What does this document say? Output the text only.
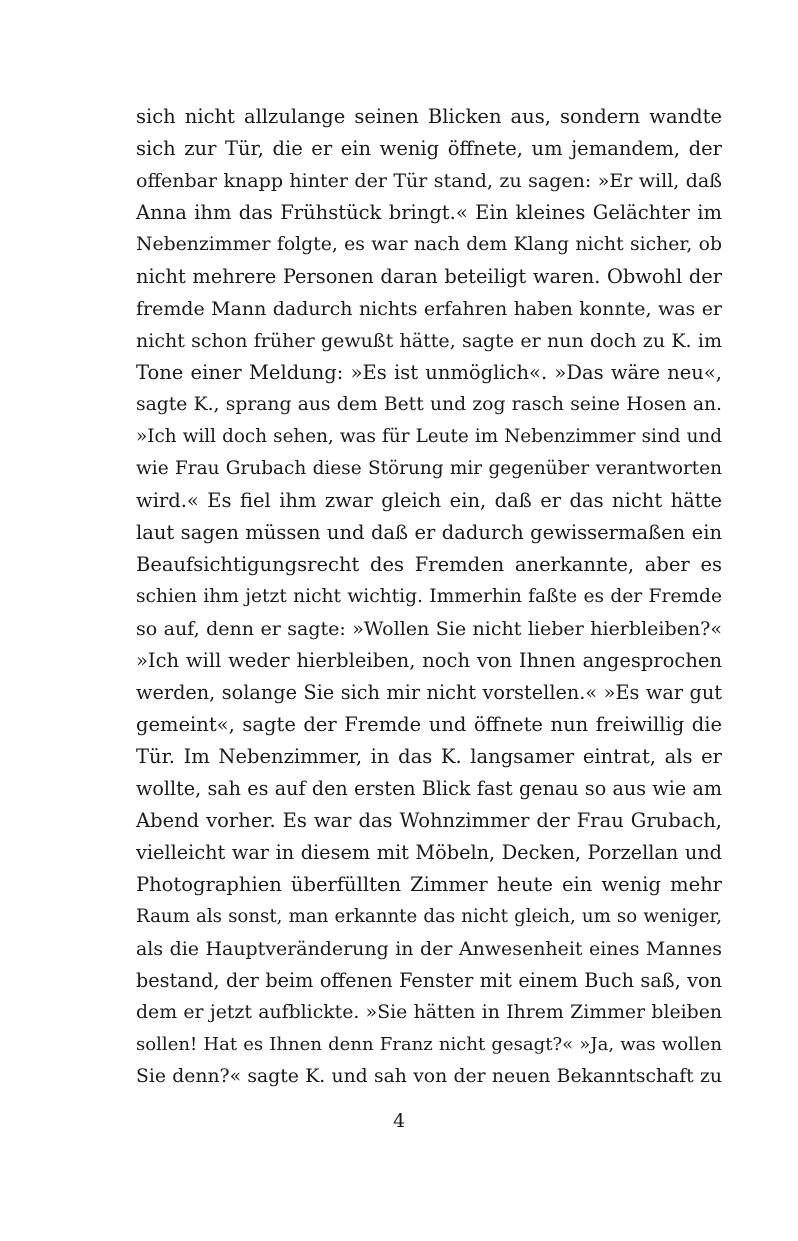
sich nicht allzulange seinen Blicken aus, sondern wandte
sich zur Tür, die er ein wenig öffnete, um jemandem, der
offenbar knapp hinter der Tür stand, zu sagen: »Er will, daß
Anna ihm das Frühstück bringt.« Ein kleines Gelächter im
Nebenzimmer folgte, es war nach dem Klang nicht sicher, ob
nicht mehrere Personen daran beteiligt waren. Obwohl der
fremde Mann dadurch nichts erfahren haben konnte, was er
nicht schon früher gewußt hätte, sagte er nun doch zu K. im
Tone einer Meldung: »Es ist unmöglich«. »Das wäre neu«,
sagte K., sprang aus dem Bett und zog rasch seine Hosen an.
»Ich will doch sehen, was für Leute im Nebenzimmer sind und
wie Frau Grubach diese Störung mir gegenüber verantworten
wird.« Es fiel ihm zwar gleich ein, daß er das nicht hätte
laut sagen müssen und daß er dadurch gewissermaßen ein
Beaufsichtigungsrecht des Fremden anerkannte, aber es
schien ihm jetzt nicht wichtig. Immerhin faßte es der Fremde
so auf, denn er sagte: »Wollen Sie nicht lieber hierbleiben?«
»Ich will weder hierbleiben, noch von Ihnen angesprochen
werden, solange Sie sich mir nicht vorstellen.« »Es war gut
gemeint«, sagte der Fremde und öffnete nun freiwillig die
Tür. Im Nebenzimmer, in das K. langsamer eintrat, als er
wollte, sah es auf den ersten Blick fast genau so aus wie am
Abend vorher. Es war das Wohnzimmer der Frau Grubach,
vielleicht war in diesem mit Möbeln, Decken, Porzellan und
Photographien überfüllten Zimmer heute ein wenig mehr
Raum als sonst, man erkannte das nicht gleich, um so weniger,
als die Hauptveränderung in der Anwesenheit eines Mannes
bestand, der beim offenen Fenster mit einem Buch saß, von
dem er jetzt aufblickte. »Sie hätten in Ihrem Zimmer bleiben
sollen! Hat es Ihnen denn Franz nicht gesagt?« »Ja, was wollen
Sie denn?« sagte K. und sah von der neuen Bekanntschaft zu
4
